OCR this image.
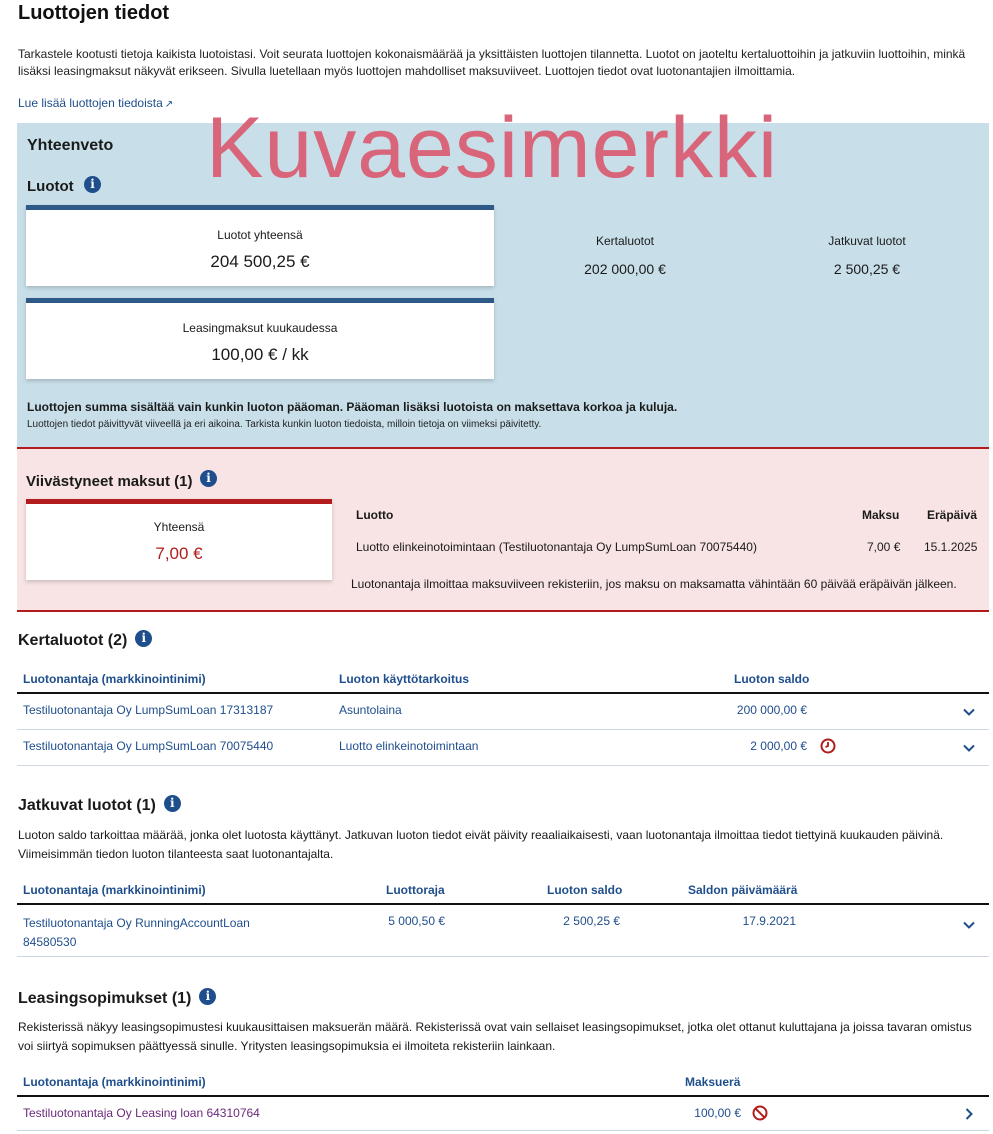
Luottojen tiedot

Tarkastele kootusti tietoja kaikista luotoistasi. Voit seurata luottojen kokonaismäärää ja yksittäisten luottojen tilannetta. Luotot on jaoteltu kertaluottoihin ja jatkuviin luottoihin, minkä lisäksi leasingmaksut näkyvät erikseen. Sivulla luetellaan myös luottojen mahdolliset maksuviiveet. Luottojen tiedot ovat luotonantajien ilmoittamia.

Lue lisää luottojen tiedoista ↗ Kuvaesimerkki
Yhteenveto
Luotot	i
Luotot yhteensä
204 500,25 €
Leasingmaksut kuukaudessa
100,00 € / kk
Kertaluotot
202 000,00 €
Jatkuvat luotot
2 500,25 €

Luottojen summa sisältää vain kunkin luoton pääoman. Pääoman lisäksi luotoista on maksettava korkoa ja kuluja.

Luottojen tiedot päivittyvät viiveellä ja eri aikoina. Tarkista kunkin luoton tiedoista, milloin tietoja on viimeksi päivitetty.

Viivästyneet maksut (1)	i
Yhteensä
7,00 €
Luotto	Maksu Eräpäivä
Luotto elinkeinotoimintaan (Testiluotonantaja Oy LumpSumLoan 70075440)	7,00 € 15.1.2025

Luotonantaja ilmoittaa maksuviiveen rekisteriin, jos maksu on maksamatta vähintään 60 päivää eräpäivän jälkeen.

Kertaluotot (2) i
Luotonantaja (markkinointinimi)	Luoton käyttötarkoitus	Luoton saldo
Testiluotonantaja Oy LumpSumLoan 17313187	Asuntolaina	200 000,00 €
Testiluotonantaja Oy LumpSumLoan 70075440	Luotto elinkeinotoimintaan	2 000,00 €
Jatkuvat luotot (1) i

Luoton saldo tarkoittaa määrää, jonka olet luotosta käyttänyt. Jatkuvan luoton tiedot eivät päivity reaaliaikaisesti, vaan luotonantaja ilmoittaa tiedot tiettyinä kuukauden päivinä. Viimeisimmän tiedon luoton tilanteesta saat luotonantajalta.

Luotonantaja (markkinointinimi)	Luottoraja	Luoton saldo	Saldon päivämäärä
Testiluotonantaja Oy RunningAccountLoan
84580530
5 000,50 €	2 500,25 €	17.9.2021
Leasingsopimukset (1) i

Rekisterissä näkyy leasingsopimustesi kuukausittaisen maksuerän määrä. Rekisterissä ovat vain sellaiset leasingsopimukset, jotka olet ottanut kuluttajana ja joissa tavaran omistus voi siirtyä sopimuksen päättyessä sinulle. Yritysten leasingsopimuksia ei ilmoiteta rekisteriin lainkaan.

Luotonantaja (markkinointinimi)	Maksuerä
Testiluotonantaja Oy Leasing loan 64310764	100,00 €
